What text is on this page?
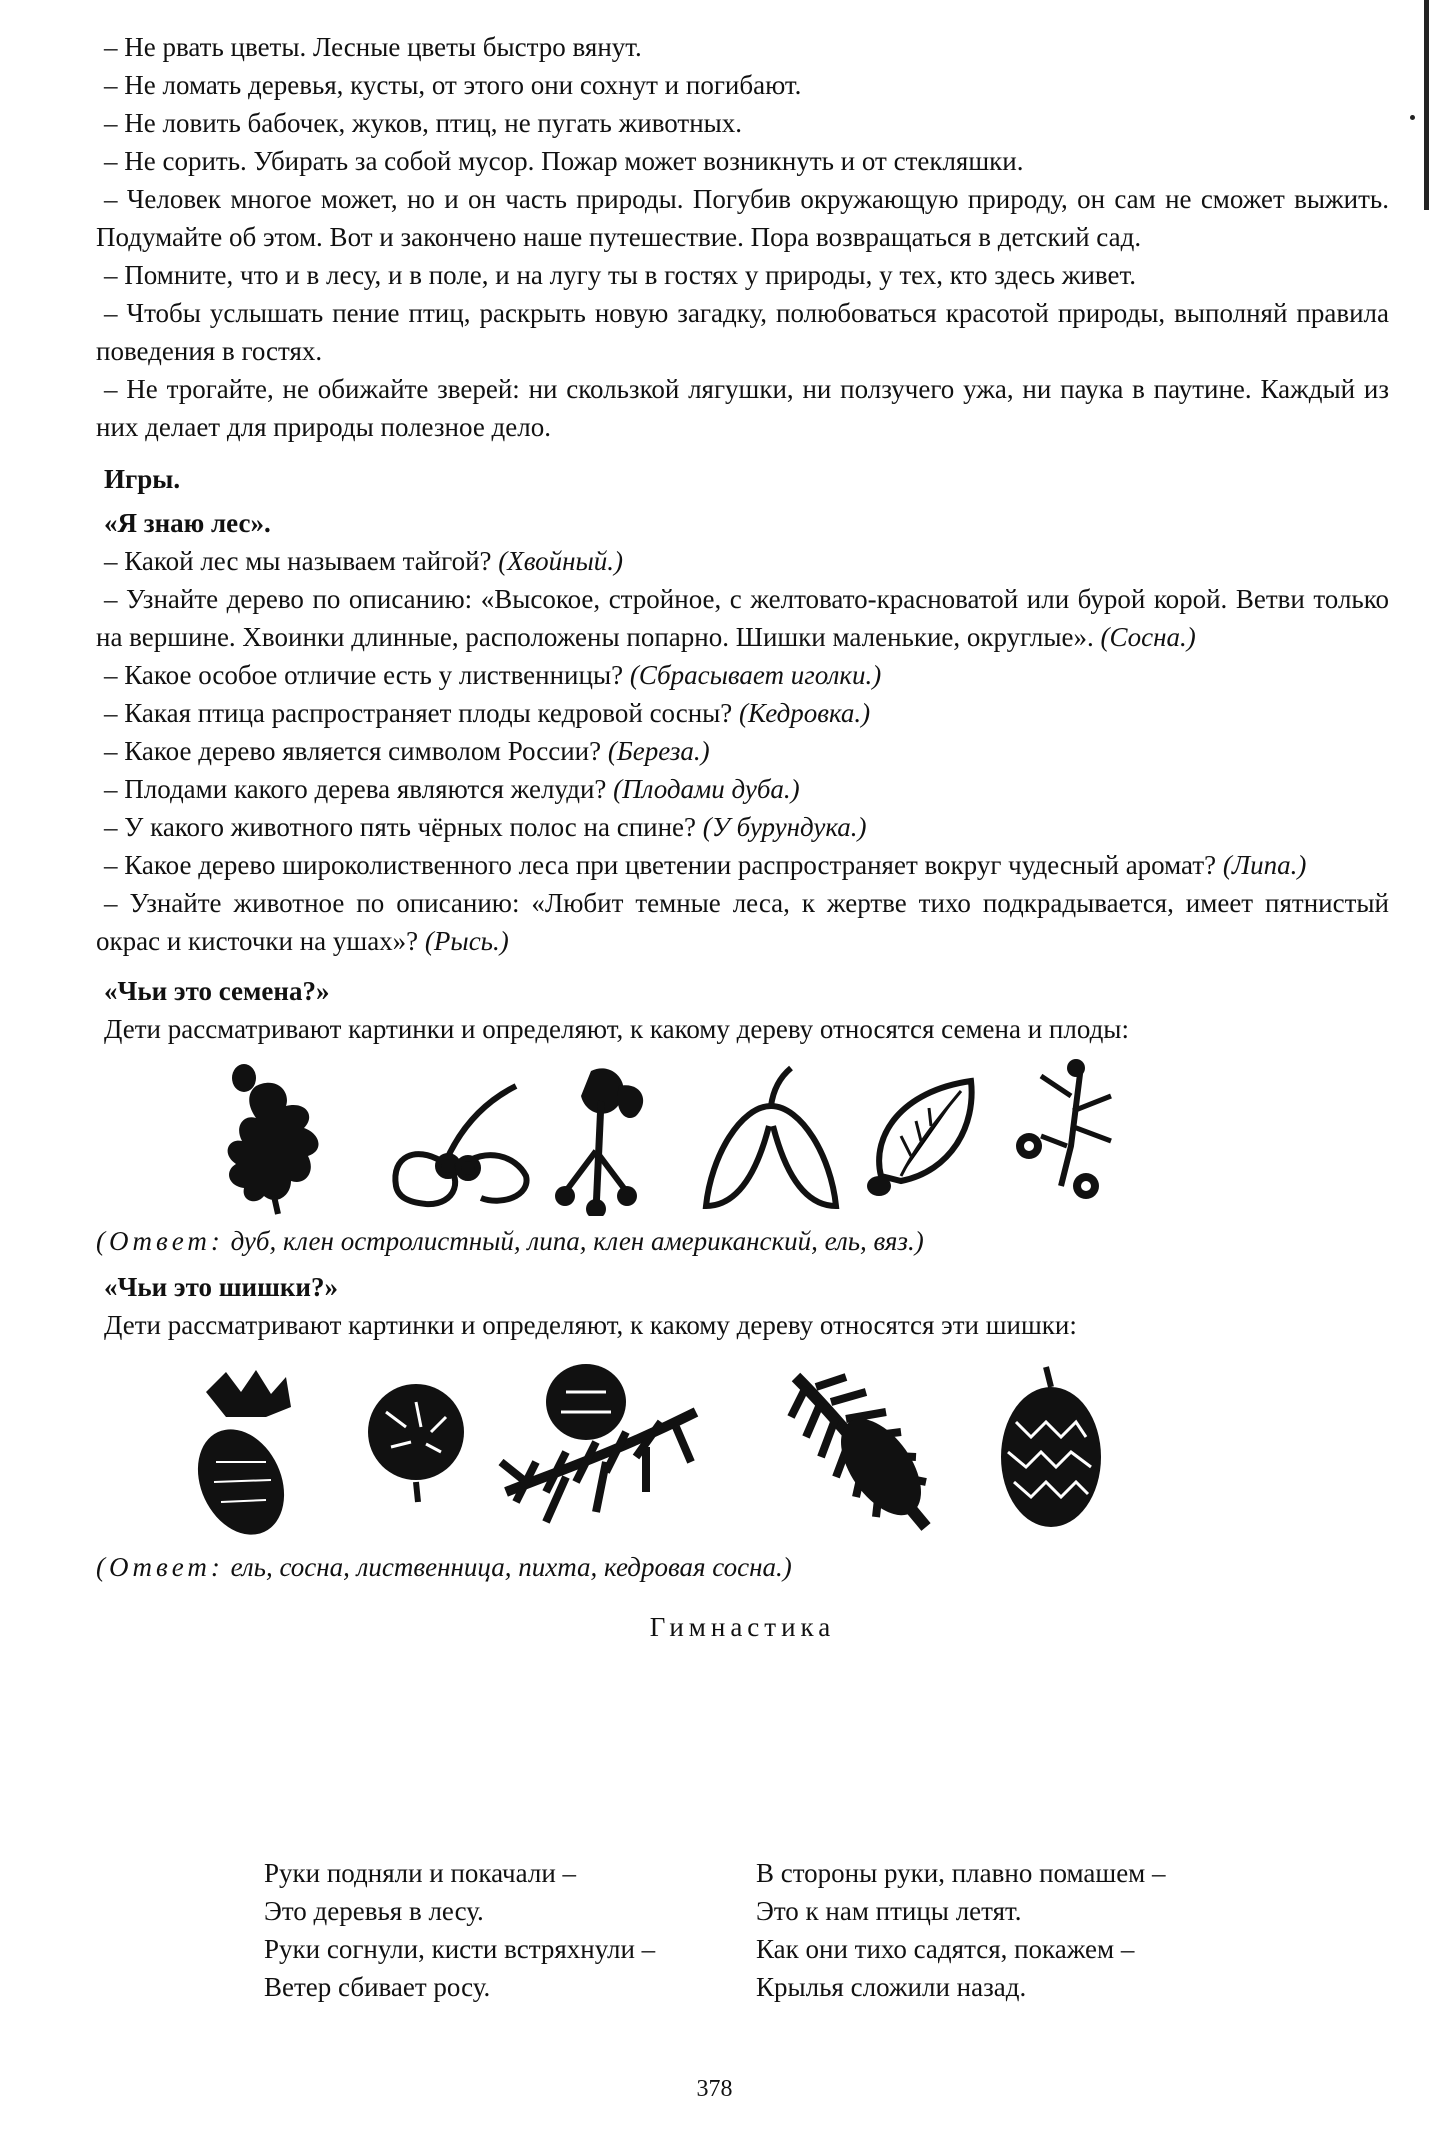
– Не рвать цветы. Лесные цветы быстро вянут.

– Не ломать деревья, кусты, от этого они сохнут и погибают.

– Не ловить бабочек, жуков, птиц, не пугать животных.

– Не сорить. Убирать за собой мусор. Пожар может возникнуть и от стекляшки.

– Человек многое может, но и он часть природы. Погубив окружающую природу, он сам не сможет выжить. Подумайте об этом. Вот и закончено наше путешествие. Пора возвращаться в детский сад.

– Помните, что и в лесу, и в поле, и на лугу ты в гостях у природы, у тех, кто здесь живет.

– Чтобы услышать пение птиц, раскрыть новую загадку, полюбоваться красотой природы, выполняй правила поведения в гостях.

– Не трогайте, не обижайте зверей: ни скользкой лягушки, ни ползучего ужа, ни паука в паутине. Каждый из них делает для природы полезное дело.

Игры.

«Я знаю лес».

– Какой лес мы называем тайгой? (Хвойный.)

– Узнайте дерево по описанию: «Высокое, стройное, с желтовато-красноватой или бурой корой. Ветви только на вершине. Хвоинки длинные, расположены попарно. Шишки маленькие, округлые». (Сосна.)

– Какое особое отличие есть у лиственницы? (Сбрасывает иголки.)

– Какая птица распространяет плоды кедровой сосны? (Кедровка.)

– Какое дерево является символом России? (Береза.)

– Плодами какого дерева являются желуди? (Плодами дуба.)

– У какого животного пять чёрных полос на спине? (У бурундука.)

– Какое дерево широколиственного леса при цветении распространяет вокруг чудесный аромат? (Липа.)

– Узнайте животное по описанию: «Любит темные леса, к жертве тихо подкрадывается, имеет пятнистый окрас и кисточки на ушах»? (Рысь.)

«Чьи это семена?»

Дети рассматривают картинки и определяют, к какому дереву относятся семена и плоды:

(Ответ: дуб, клен остролистный, липа, клен американский, ель, вяз.)

«Чьи это шишки?»

Дети рассматривают картинки и определяют, к какому дереву относятся эти шишки:

(Ответ: ель, сосна, лиственница, пихта, кедровая сосна.)

Гимнастика

Руки подняли и покачали –
Это деревья в лесу.
Руки согнули, кисти встряхнули –
Ветер сбивает росу.
В стороны руки, плавно помашем –
Это к нам птицы летят.
Как они тихо садятся, покажем –
Крылья сложили назад.
378
